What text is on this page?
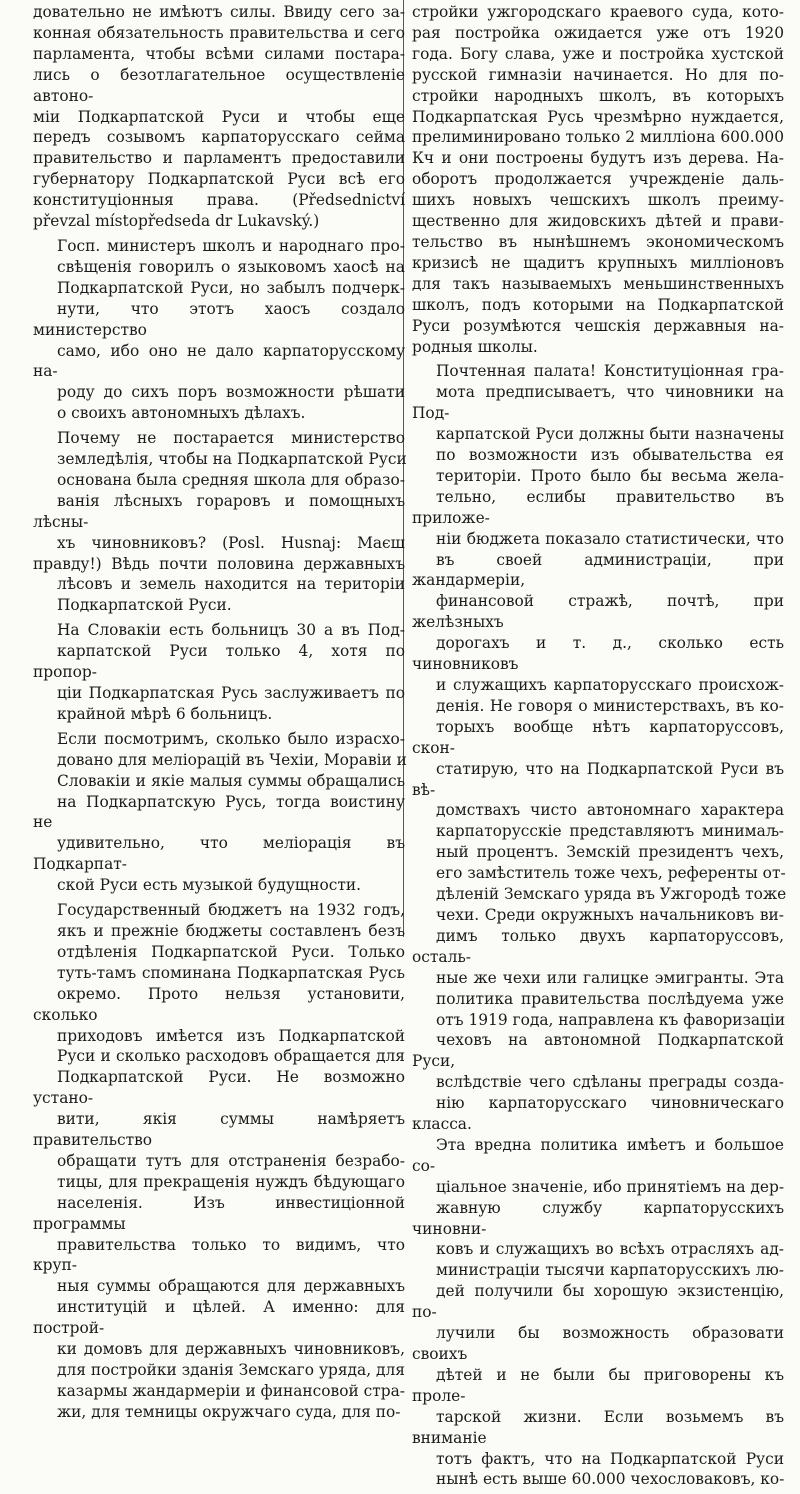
довательно не имѣютъ силы. Ввиду сего за-
конная обязательность правительства и сего
парламента, чтобы всѣми силами постара-
лись о безотлагательное осуществленіе автоно-
міи Подкарпатской Руси и чтобы еще
передъ созывомъ карпаторусскаго сейма
правительство и парламентъ предоставили
губернатору Подкарпатской Руси всѣ его
конституціонныя права. (Předsednictví převzal místopředseda dr Lukavský.)
Госп. министеръ школъ и народнаго про-
свѣщенія говорилъ о языковомъ хаосѣ на
Подкарпатской Руси, но забылъ подчерк-
нути, что этотъ хаосъ создало министерство
само, ибо оно не дало карпаторусскому на-
роду до сихъ поръ возможности рѣшати
о своихъ автономныхъ дѣлахъ.
Почему не постарается министерство
земледѣлія, чтобы на Подкарпатской Руси
основана была средняя школа для образо-
ванія лѣсныхъ гораровъ и помощныхъ лѣсны-
хъ чиновниковъ? (Posl. Husnaj: Маєш правду!) Вѣдь почти половина державныхъ
лѣсовъ и земель находится на територіи
Подкарпатской Руси.
На Словакіи есть больницъ 30 а въ Под-
карпатской Руси только 4, хотя по пропор-
ціи Подкарпатская Русь заслуживаетъ по
крайной мѣрѣ 6 больницъ.
Если посмотримъ, сколько было израсхо-
довано для меліорацій въ Чехіи, Моравіи и
Словакіи и якіе малыя суммы обращались
на Подкарпатскую Русь, тогда воистину не
удивительно, что меліорація въ Подкарпат-
ской Руси есть музыкой будущности.
Государственный бюджетъ на 1932 годъ,
якъ и прежніе бюджеты составленъ безъ
отдѣленія Подкарпатской Руси. Только
туть-тамъ споминана Подкарпатская Русь
окремо. Прото нельзя установити, сколько
приходовъ имѣется изъ Подкарпатской
Руси и сколько расходовъ обращается для
Подкарпатской Руси. Не возможно устано-
вити, якія суммы намѣряетъ правительство
обращати тутъ для отстраненія безрабо-
тицы, для прекращенія нуждъ бѣдующаго
населенія. Изъ инвестиціонной программы
правительства только то видимъ, что круп-
ныя суммы обращаются для державныхъ
институцій и цѣлей. А именно: для построй-
ки домовъ для державныхъ чиновниковъ,
для постройки зданія Земскаго уряда, для
казармы жандармеріи и финансовой стра-
жи, для темницы окружчаго суда, для по-
стройки ужгородскаго краевого суда, кото-
рая постройка ожидается уже отъ 1920
года. Богу слава, уже и постройка хустской
русской гимназіи начинается. Но для по-
стройки народныхъ школъ, въ которыхъ
Подкарпатская Русь чрезмѣрно нуждается,
прелиминировано только 2 милліона 600.000
Кч и они построены будутъ изъ дерева. На-
оборотъ продолжается учрежденіе даль-
шихъ новыхъ чешскихъ школъ преиму-
щественно для жидовскихъ дѣтей и прави-
тельство въ нынѣшнемъ экономическомъ
кризисѣ не щадитъ крупныхъ милліоновъ
для такъ называемыхъ меньшинственныхъ
школъ, подъ которыми на Подкарпатской
Руси розумѣются чешскія державныя на-
родныя школы.
Почтенная палата! Конституціонная гра-
мота предписываетъ, что чиновники на Под-
карпатской Руси должны быти назначены
по возможности изъ обывательства ея
територіи. Прото было бы весьма жела-
тельно, еслибы правительство въ приложе-
ніи бюджета показало статистически, что
въ своей администраціи, при жандармеріи,
финансовой стражѣ, почтѣ, при желѣзныхъ
дорогахъ и т. д., сколько есть чиновниковъ
и служащихъ карпаторусскаго происхож-
денія. Не говоря о министерствахъ, въ ко-
торыхъ вообще нѣтъ карпаторуссовъ, скон-
статирую, что на Подкарпатской Руси въ вѣ-
домствахъ чисто автономнаго характера
карпаторусскіе представляютъ минимаљ-
ный процентъ. Земскій президентъ чехъ,
его замѣститель тоже чехъ, референты от-
дѣленій Земскаго уряда въ Ужгородѣ тоже
чехи. Среди окружныхъ начальниковъ ви-
димъ только двухъ карпаторуссовъ, осталь-
ные же чехи или галицке эмигранты. Эта
политика правительства послѣдуема уже
отъ 1919 года, направлена къ фаворизаціи
чеховъ на автономной Подкарпатской Руси,
вслѣдствіе чего сдѣланы преграды созда-
нію карпаторусскаго чиновническаго класса.
Эта вредна политика имѣетъ и большое со-
ціальное значеніе, ибо принятіемъ на дер-
жавную службу карпаторусскихъ чиновни-
ковъ и служащихъ во всѣхъ отрасляхъ ад-
министраціи тысячи карпаторусскихъ лю-
дей получили бы хорошую экзистенцію, по-
лучили бы возможность образовати своихъ
дѣтей и не были бы приговорены къ проле-
тарской жизни. Если возьмемъ въ вниманіе
тотъ фактъ, что на Подкарпатской Руси
нынѣ есть выше 60.000 чехословаковъ, ко-
